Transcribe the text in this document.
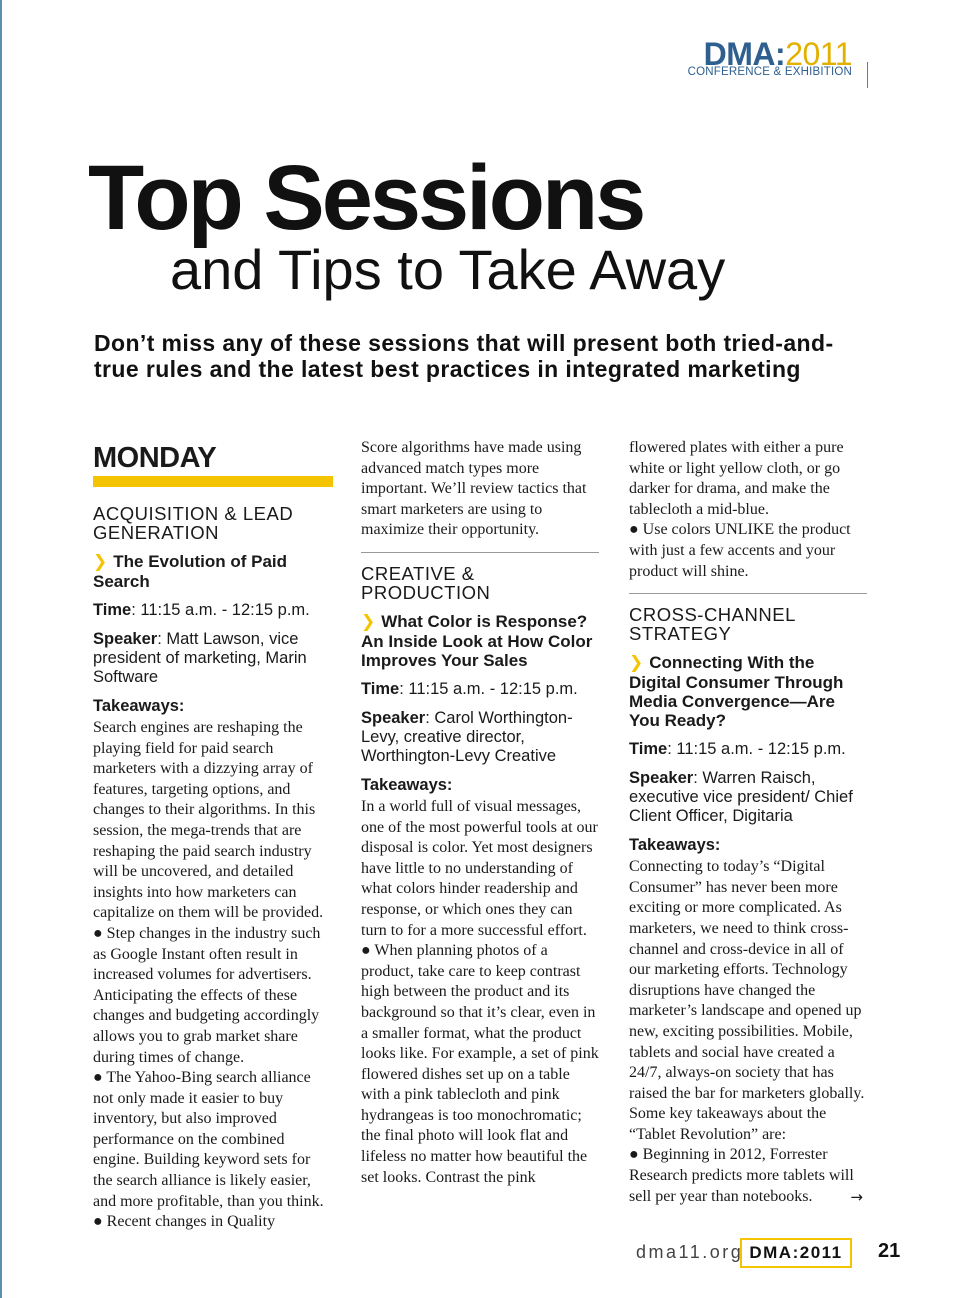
DMA:2011
CONFERENCE & EXHIBITION
Top Sessions
and Tips to Take Away
Don’t miss any of these sessions that will present both tried-and-true rules and the latest best practices in integrated marketing
MONDAY

ACQUISITION & LEAD GENERATION

❯ The Evolution of Paid Search

Time: 11:15 a.m. - 12:15 p.m.

Speaker: Matt Lawson, vice president of marketing, Marin Software

Takeaways:

Search engines are reshaping the playing field for paid search marketers with a dizzying array of features, targeting options, and changes to their algorithms. In this session, the mega-trends that are reshaping the paid search industry will be uncovered, and detailed insights into how marketers can capitalize on them will be provided.

● Step changes in the industry such as Google Instant often result in increased volumes for advertisers. Anticipating the effects of these changes and budgeting accordingly allows you to grab market share during times of change.

● The Yahoo-Bing search alliance not only made it easier to buy inventory, but also improved performance on the combined engine. Building keyword sets for the search alliance is likely easier, and more profitable, than you think.

● Recent changes in Quality

Score algorithms have made using advanced match types more important. We’ll review tactics that smart marketers are using to maximize their opportunity.

CREATIVE & PRODUCTION

❯ What Color is Response? An Inside Look at How Color Improves Your Sales

Time: 11:15 a.m. - 12:15 p.m.

Speaker: Carol Worthington-Levy, creative director, Worthington-Levy Creative

Takeaways:

In a world full of visual messages, one of the most powerful tools at our disposal is color. Yet most designers have little to no understanding of what colors hinder readership and response, or which ones they can turn to for a more successful effort.

● When planning photos of a product, take care to keep contrast high between the product and its background so that it’s clear, even in a smaller format, what the product looks like. For example, a set of pink flowered dishes set up on a table with a pink tablecloth and pink hydrangeas is too monochromatic; the final photo will look flat and lifeless no matter how beautiful the set looks. Contrast the pink

flowered plates with either a pure white or light yellow cloth, or go darker for drama, and make the tablecloth a mid-blue.

● Use colors UNLIKE the product with just a few accents and your product will shine.

CROSS-CHANNEL STRATEGY

❯ Connecting With the Digital Consumer Through Media Convergence—Are You Ready?

Time: 11:15 a.m. - 12:15 p.m.

Speaker: Warren Raisch, executive vice president/ Chief Client Officer, Digitaria

Takeaways:

Connecting to today’s “Digital Consumer” has never been more exciting or more complicated. As marketers, we need to think cross-channel and cross-device in all of our marketing efforts. Technology disruptions have changed the marketer’s landscape and opened up new, exciting possibilities. Mobile, tablets and social have created a 24/7, always-on society that has raised the bar for marketers globally. Some key takeaways about the “Tablet Revolution” are:

● Beginning in 2012, Forrester Research predicts more tablets will sell per year than notebooks.	→

dma11.org DMA:2011	21
